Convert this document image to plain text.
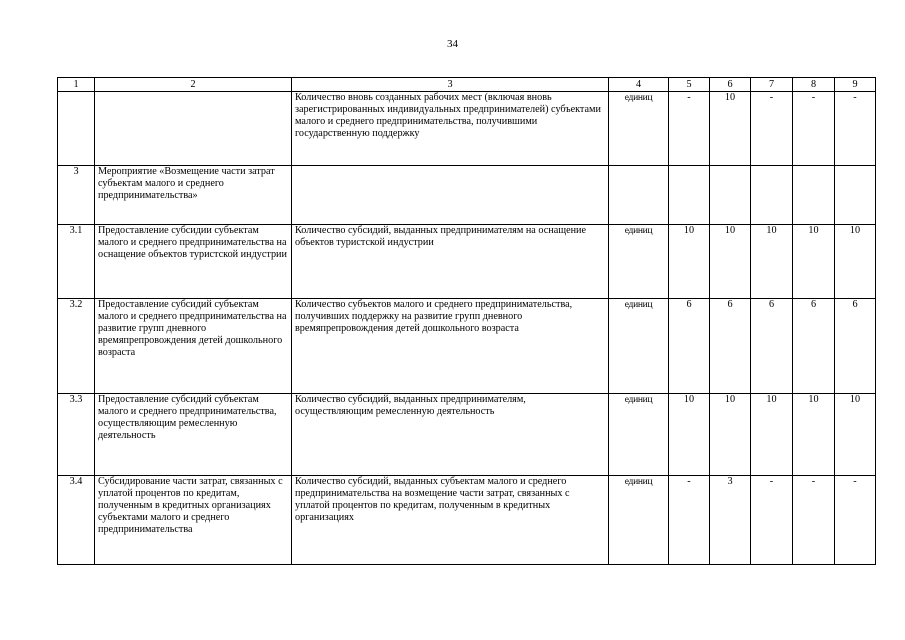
34
1	2	3	4	5	6	7	8	9
		Количество вновь созданных рабочих мест (включая вновь зарегистрированных индивидуальных предпринимателей) субъектами малого и среднего предпринимательства, получившими государственную поддержку	единиц	-	10	-	-	-
3	Мероприятие «Возмещение части затрат субъектам малого и среднего предпринимательства»							
3.1	Предоставление субсидии субъектам малого и среднего предпринимательства на оснащение объектов туристской индустрии	Количество субсидий, выданных предпринимателям на оснащение объектов туристской индустрии	единиц	10	10	10	10	10
3.2	Предоставление субсидий субъектам малого и среднего предпринимательства на развитие групп дневного времяпрепровождения детей дошкольного возраста	Количество субъектов малого и среднего предпринимательства, получивших поддержку на развитие групп дневного времяпрепровождения детей дошкольного возраста	единиц	6	6	6	6	6
3.3	Предоставление субсидий субъектам малого и среднего предпринимательства, осуществляющим ремесленную деятельность	Количество субсидий, выданных предпринимателям, осуществляющим ремесленную деятельность	единиц	10	10	10	10	10
3.4	Субсидирование части затрат, связанных с уплатой процентов по кредитам, полученным в кредитных организациях субъектами малого и среднего предпринимательства	Количество субсидий, выданных субъектам малого и среднего предпринимательства на возмещение части затрат, связанных с уплатой процентов по кредитам, полученным в кредитных организациях	единиц	-	3	-	-	-
